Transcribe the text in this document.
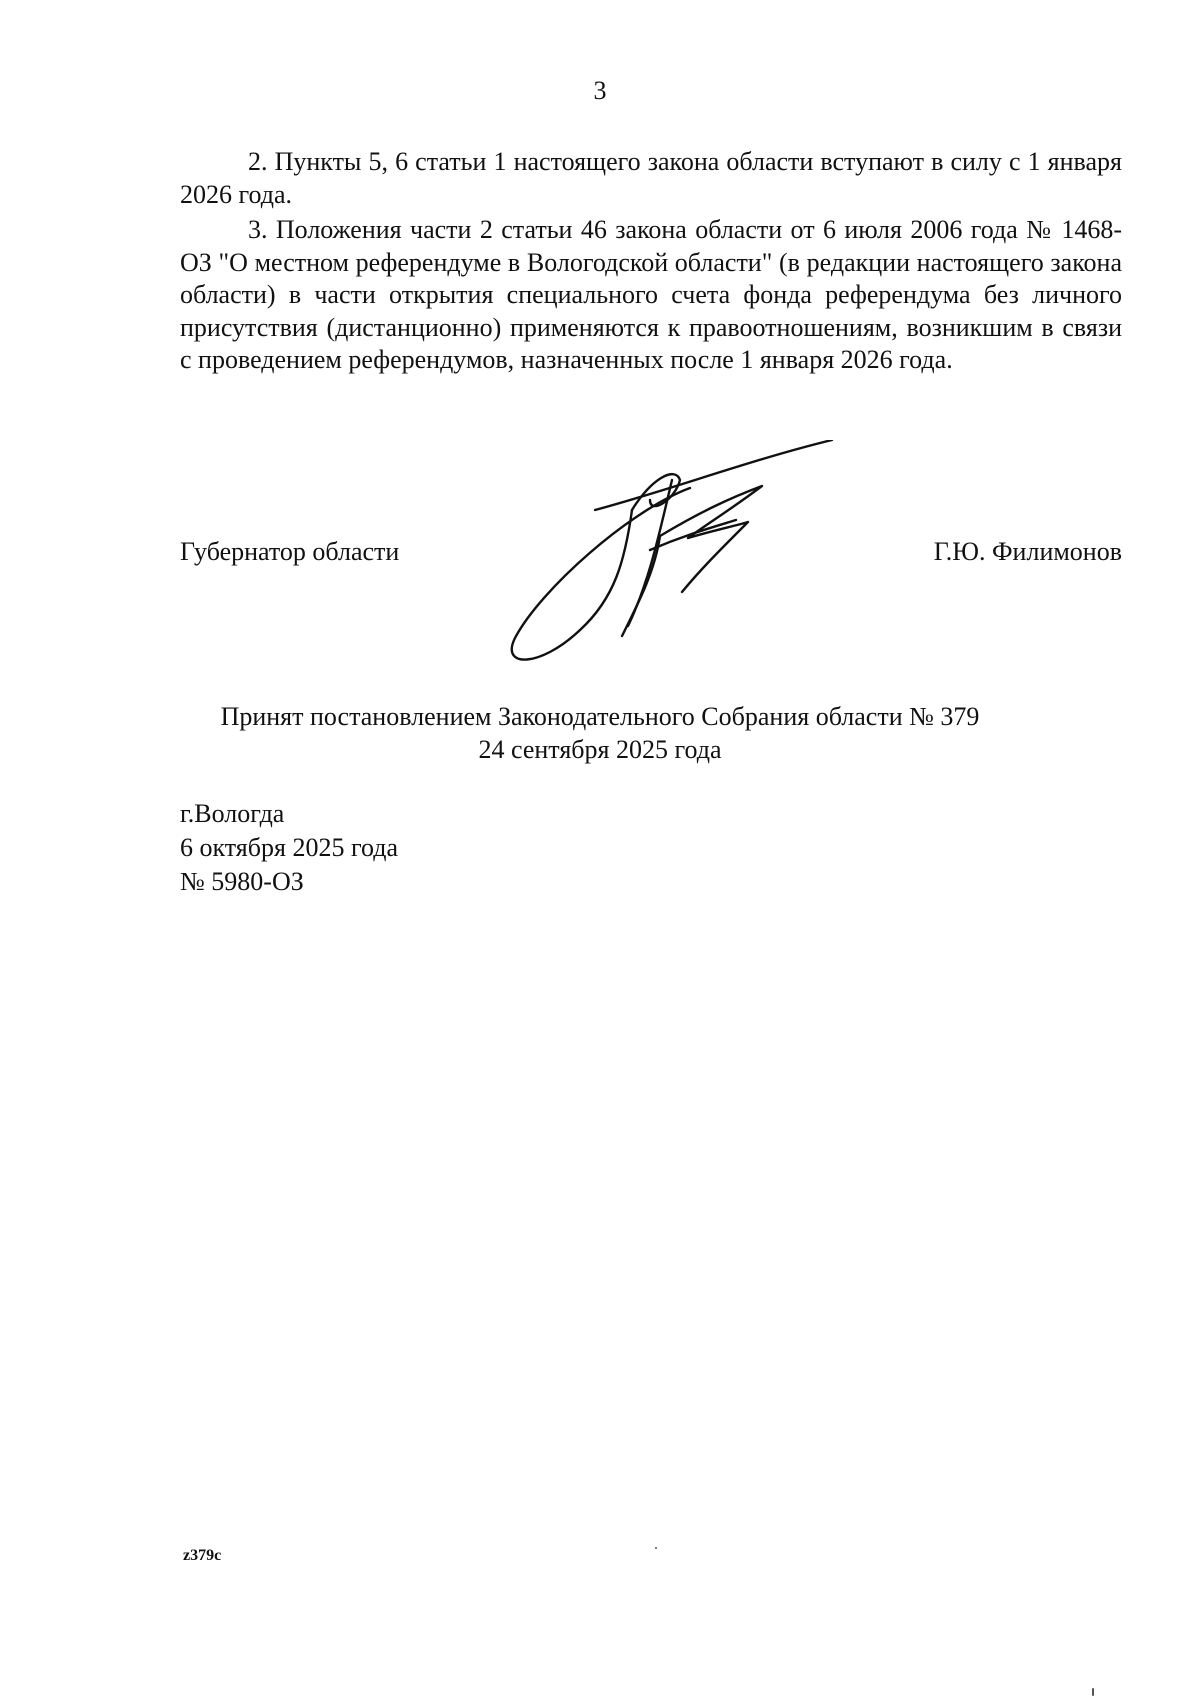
3

2. Пункты 5, 6 статьи 1 настоящего закона области вступают в силу с 1 января 2026 года.

3. Положения части 2 статьи 46 закона области от 6 июля 2006 года № 1468-ОЗ "О местном референдуме в Вологодской области" (в редакции настоящего закона области) в части открытия специального счета фонда референдума без личного присутствия (дистанционно) применяются к правоотношениям, возникшим в связи с проведением референдумов, назначенных после 1 января 2026 года.

Губернатор области	Г.Ю. Филимонов
Принят постановлением Законодательного Собрания области № 379
24 сентября 2025 года
г.Вологда
6 октября 2025 года
№ 5980-ОЗ
z379c
